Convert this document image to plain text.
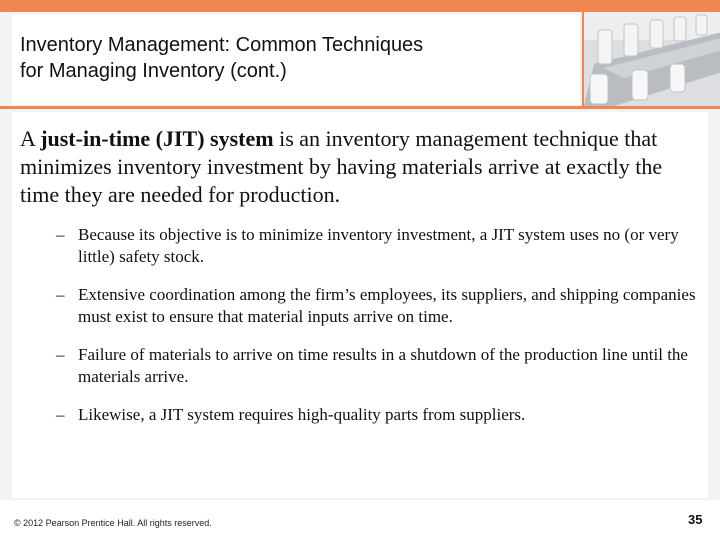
Inventory Management: Common Techniques
for Managing Inventory (cont.)
A just-in-time (JIT) system is an inventory management technique that minimizes inventory investment by having materials arrive at exactly the time they are needed for production.
– Because its objective is to minimize inventory investment, a JIT system uses no (or very little) safety stock.
– Extensive coordination among the firm’s employees, its suppliers, and shipping companies must exist to ensure that material inputs arrive on time.
– Failure of materials to arrive on time results in a shutdown of the production line until the materials arrive.
– Likewise, a JIT system requires high-quality parts from suppliers.
© 2012 Pearson Prentice Hall. All rights reserved.	35
